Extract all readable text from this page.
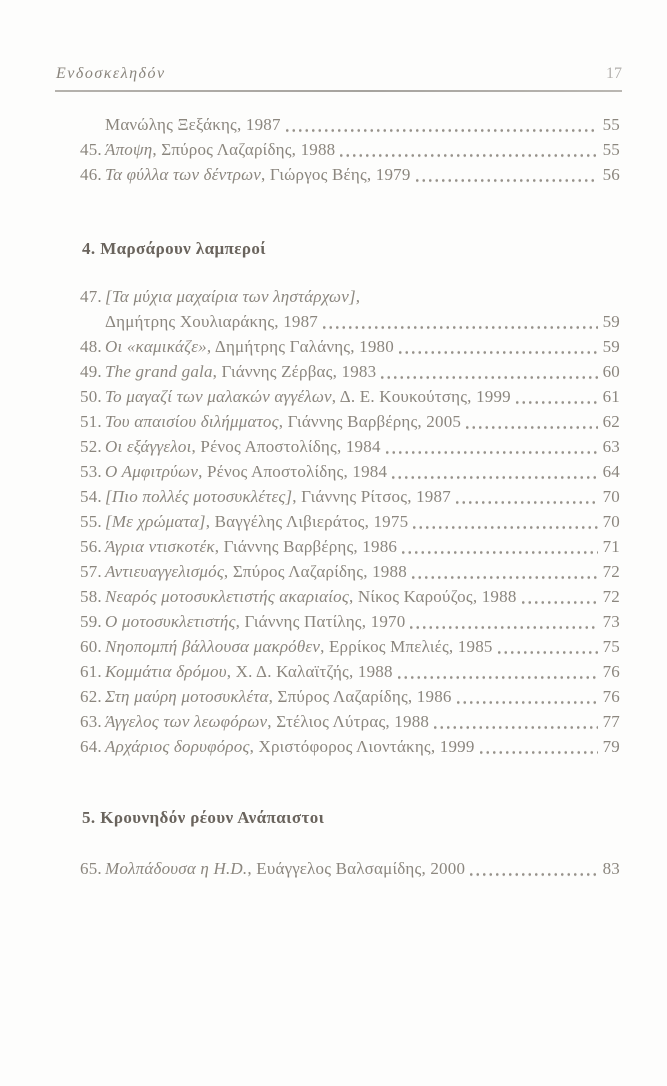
Ενδοσκεληδόν	17
Μανώλης Ξεξάκης, 1987	55
45. Άποψη , Σπύρος Λαζαρίδης, 1988	55
46. Τα φύλλα των δέντρων , Γιώργος Βέης, 1979	56
4. Μαρσάρουν λαμπεροί
47. [Τα μύχια μαχαίρια των ληστάρχων],
Δημήτρης Χουλιαράκης, 1987	59
48. Οι «καμικάζε» , Δημήτρης Γαλάνης, 1980	59
49. The grand gala , Γιάννης Ζέρβας, 1983	60
50. Το μαγαζί των μαλακών αγγέλων , Δ. Ε. Κουκούτσης, 1999	61
51. Του απαισίου διλήμματος , Γιάννης Βαρβέρης, 2005	62
52. Οι εξάγγελοι , Ρένος Αποστολίδης, 1984	63
53. Ο Αμφιτρύων , Ρένος Αποστολίδης, 1984	64
54. [Πιο πολλές μοτοσυκλέτες] , Γιάννης Ρίτσος, 1987	70
55. [Με χρώματα] , Βαγγέλης Λιβιεράτος, 1975	70
56. Άγρια ντισκοτέκ , Γιάννης Βαρβέρης, 1986	71
57. Αντιευαγγελισμός , Σπύρος Λαζαρίδης, 1988	72
58. Νεαρός μοτοσυκλετιστής ακαριαίος , Νίκος Καρούζος, 1988	72
59. Ο μοτοσυκλετιστής , Γιάννης Πατίλης, 1970	73
60. Νηοπομπή βάλλουσα μακρόθεν , Ερρίκος Μπελιές, 1985	75
61. Κομμάτια δρόμου , Χ. Δ. Καλαϊτζής, 1988	76
62. Στη μαύρη μοτοσυκλέτα , Σπύρος Λαζαρίδης, 1986	76
63. Άγγελος των λεωφόρων , Στέλιος Λύτρας, 1988	77
64. Αρχάριος δορυφόρος , Χριστόφορος Λιοντάκης, 1999	79
5. Κρουνηδόν ρέουν Ανάπαιστοι
65. Μολπάδουσα η H.D. , Ευάγγελος Βαλσαμίδης, 2000	83
